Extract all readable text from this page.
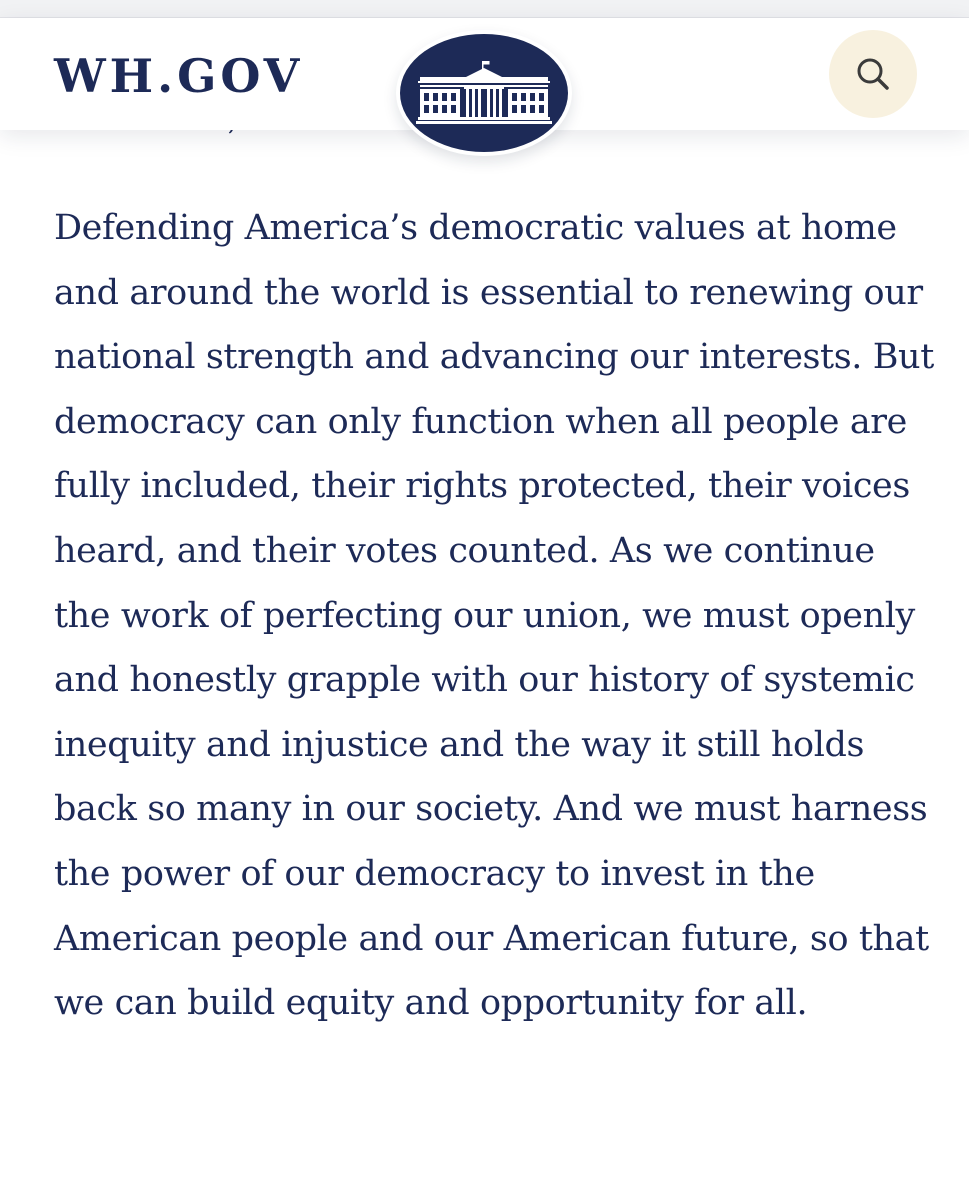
WH.GOV

Defending America’s democratic values at home and around the world is essential to renewing our national strength and advancing our interests. But democracy can only function when all people are fully included, their rights protected, their voices heard, and their votes counted. As we continue the work of perfecting our union, we must openly and honestly grapple with our history of systemic inequity and injustice and the way it still holds back so many in our society. And we must harness the power of our democracy to invest in the American people and our American future, so that we can build equity and opportunity for all.
